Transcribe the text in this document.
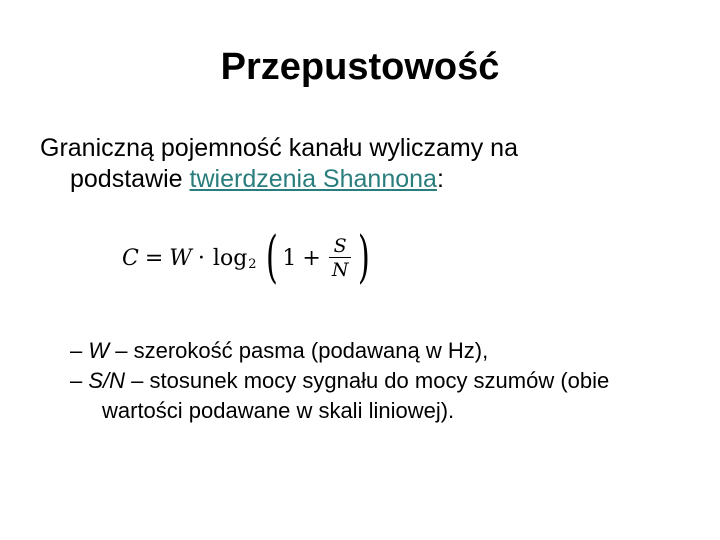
Przepustowość
Graniczną pojemność kanału wyliczamy na
podstawie twierdzenia Shannona:
C = W · log 2 ( $1 + \frac{S}{N}$ )
– W – szerokość pasma (podawaną w Hz),
– S/N – stosunek mocy sygnału do mocy szumów (obie wartości podawane w skali liniowej).
